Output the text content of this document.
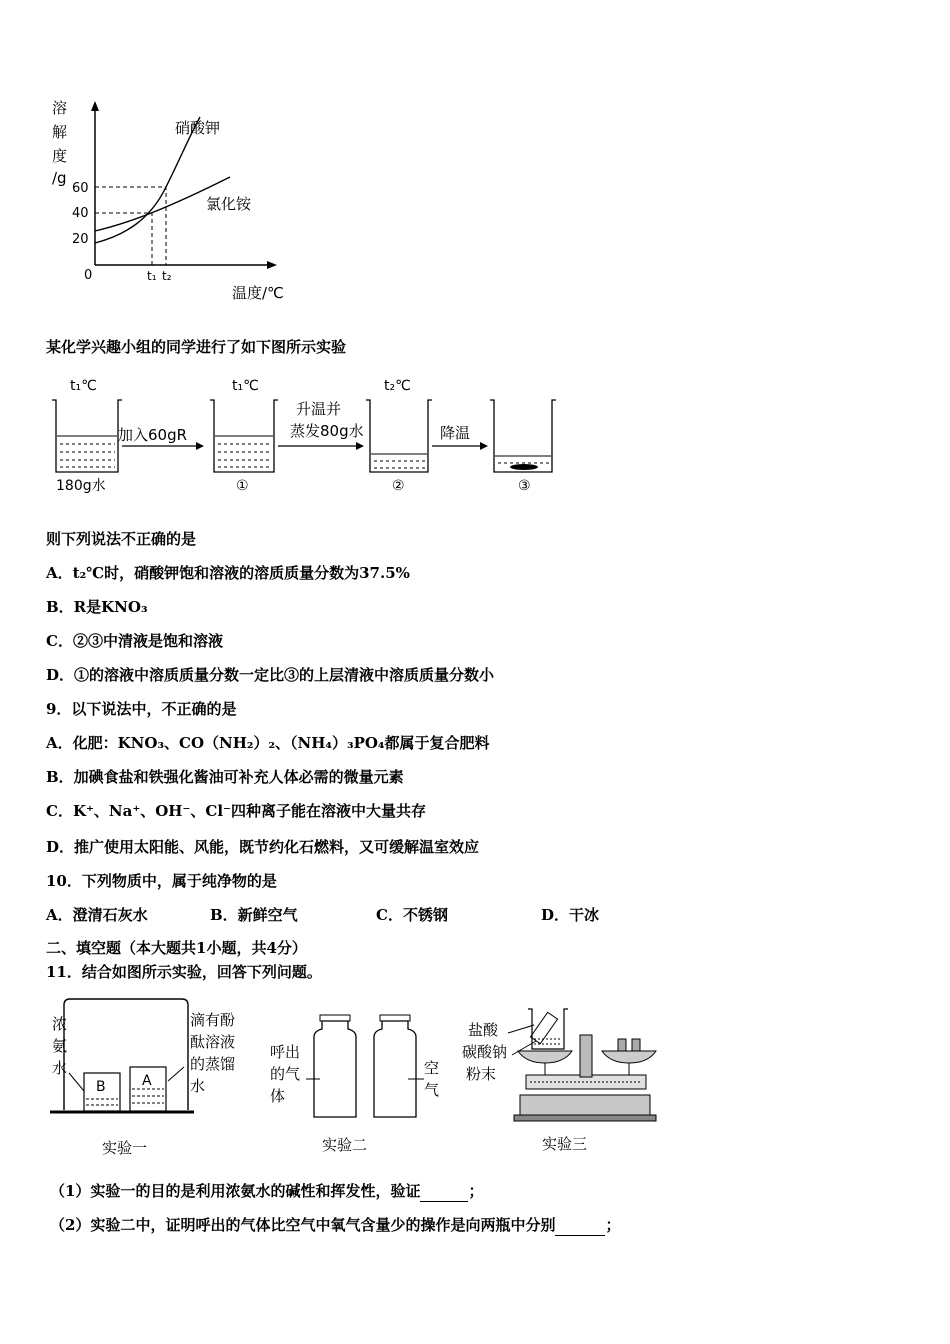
溶
解
度
/g
60
40
20
0	t₁ t₂
硝酸钾
氯化铵
温度/℃
某化学兴趣小组的同学进行了如下图所示实验
t₁℃	t₁℃	t₂℃
180g水
加入60gR
①
升温并
蒸发80g水
②
降温
③
则下列说法不正确的是
A．t₂℃时，硝酸钾饱和溶液的溶质质量分数为37.5%
B．R是KNO₃
C．②③中清液是饱和溶液
D．①的溶液中溶质质量分数一定比③的上层清液中溶质质量分数小
9．以下说法中，不正确的是
A．化肥：KNO₃、CO（NH₂）₂、（NH₄）₃PO₄都属于复合肥料
B．加碘食盐和铁强化酱油可补充人体必需的微量元素
C．K⁺、Na⁺、OH⁻、Cl⁻四种离子能在溶液中大量共存
D．推广使用太阳能、风能，既节约化石燃料，又可缓解温室效应
10．下列物质中，属于纯净物的是
A．澄清石灰水	B．新鲜空气	C．不锈钢	D．干冰
二、填空题（本大题共1小题，共4分）
11．结合如图所示实验，回答下列问题。
B	A
浓
氨
水
滴有酚
酞溶液
的蒸馏
水
实验一
呼出
的气
体
空
气
实验二
盐酸
碳酸钠
粉末
实验三
（1）实验一的目的是利用浓氨水的碱性和挥发性，验证	；
（2）实验二中，证明呼出的气体比空气中氧气含量少的操作是向两瓶中分别	；
